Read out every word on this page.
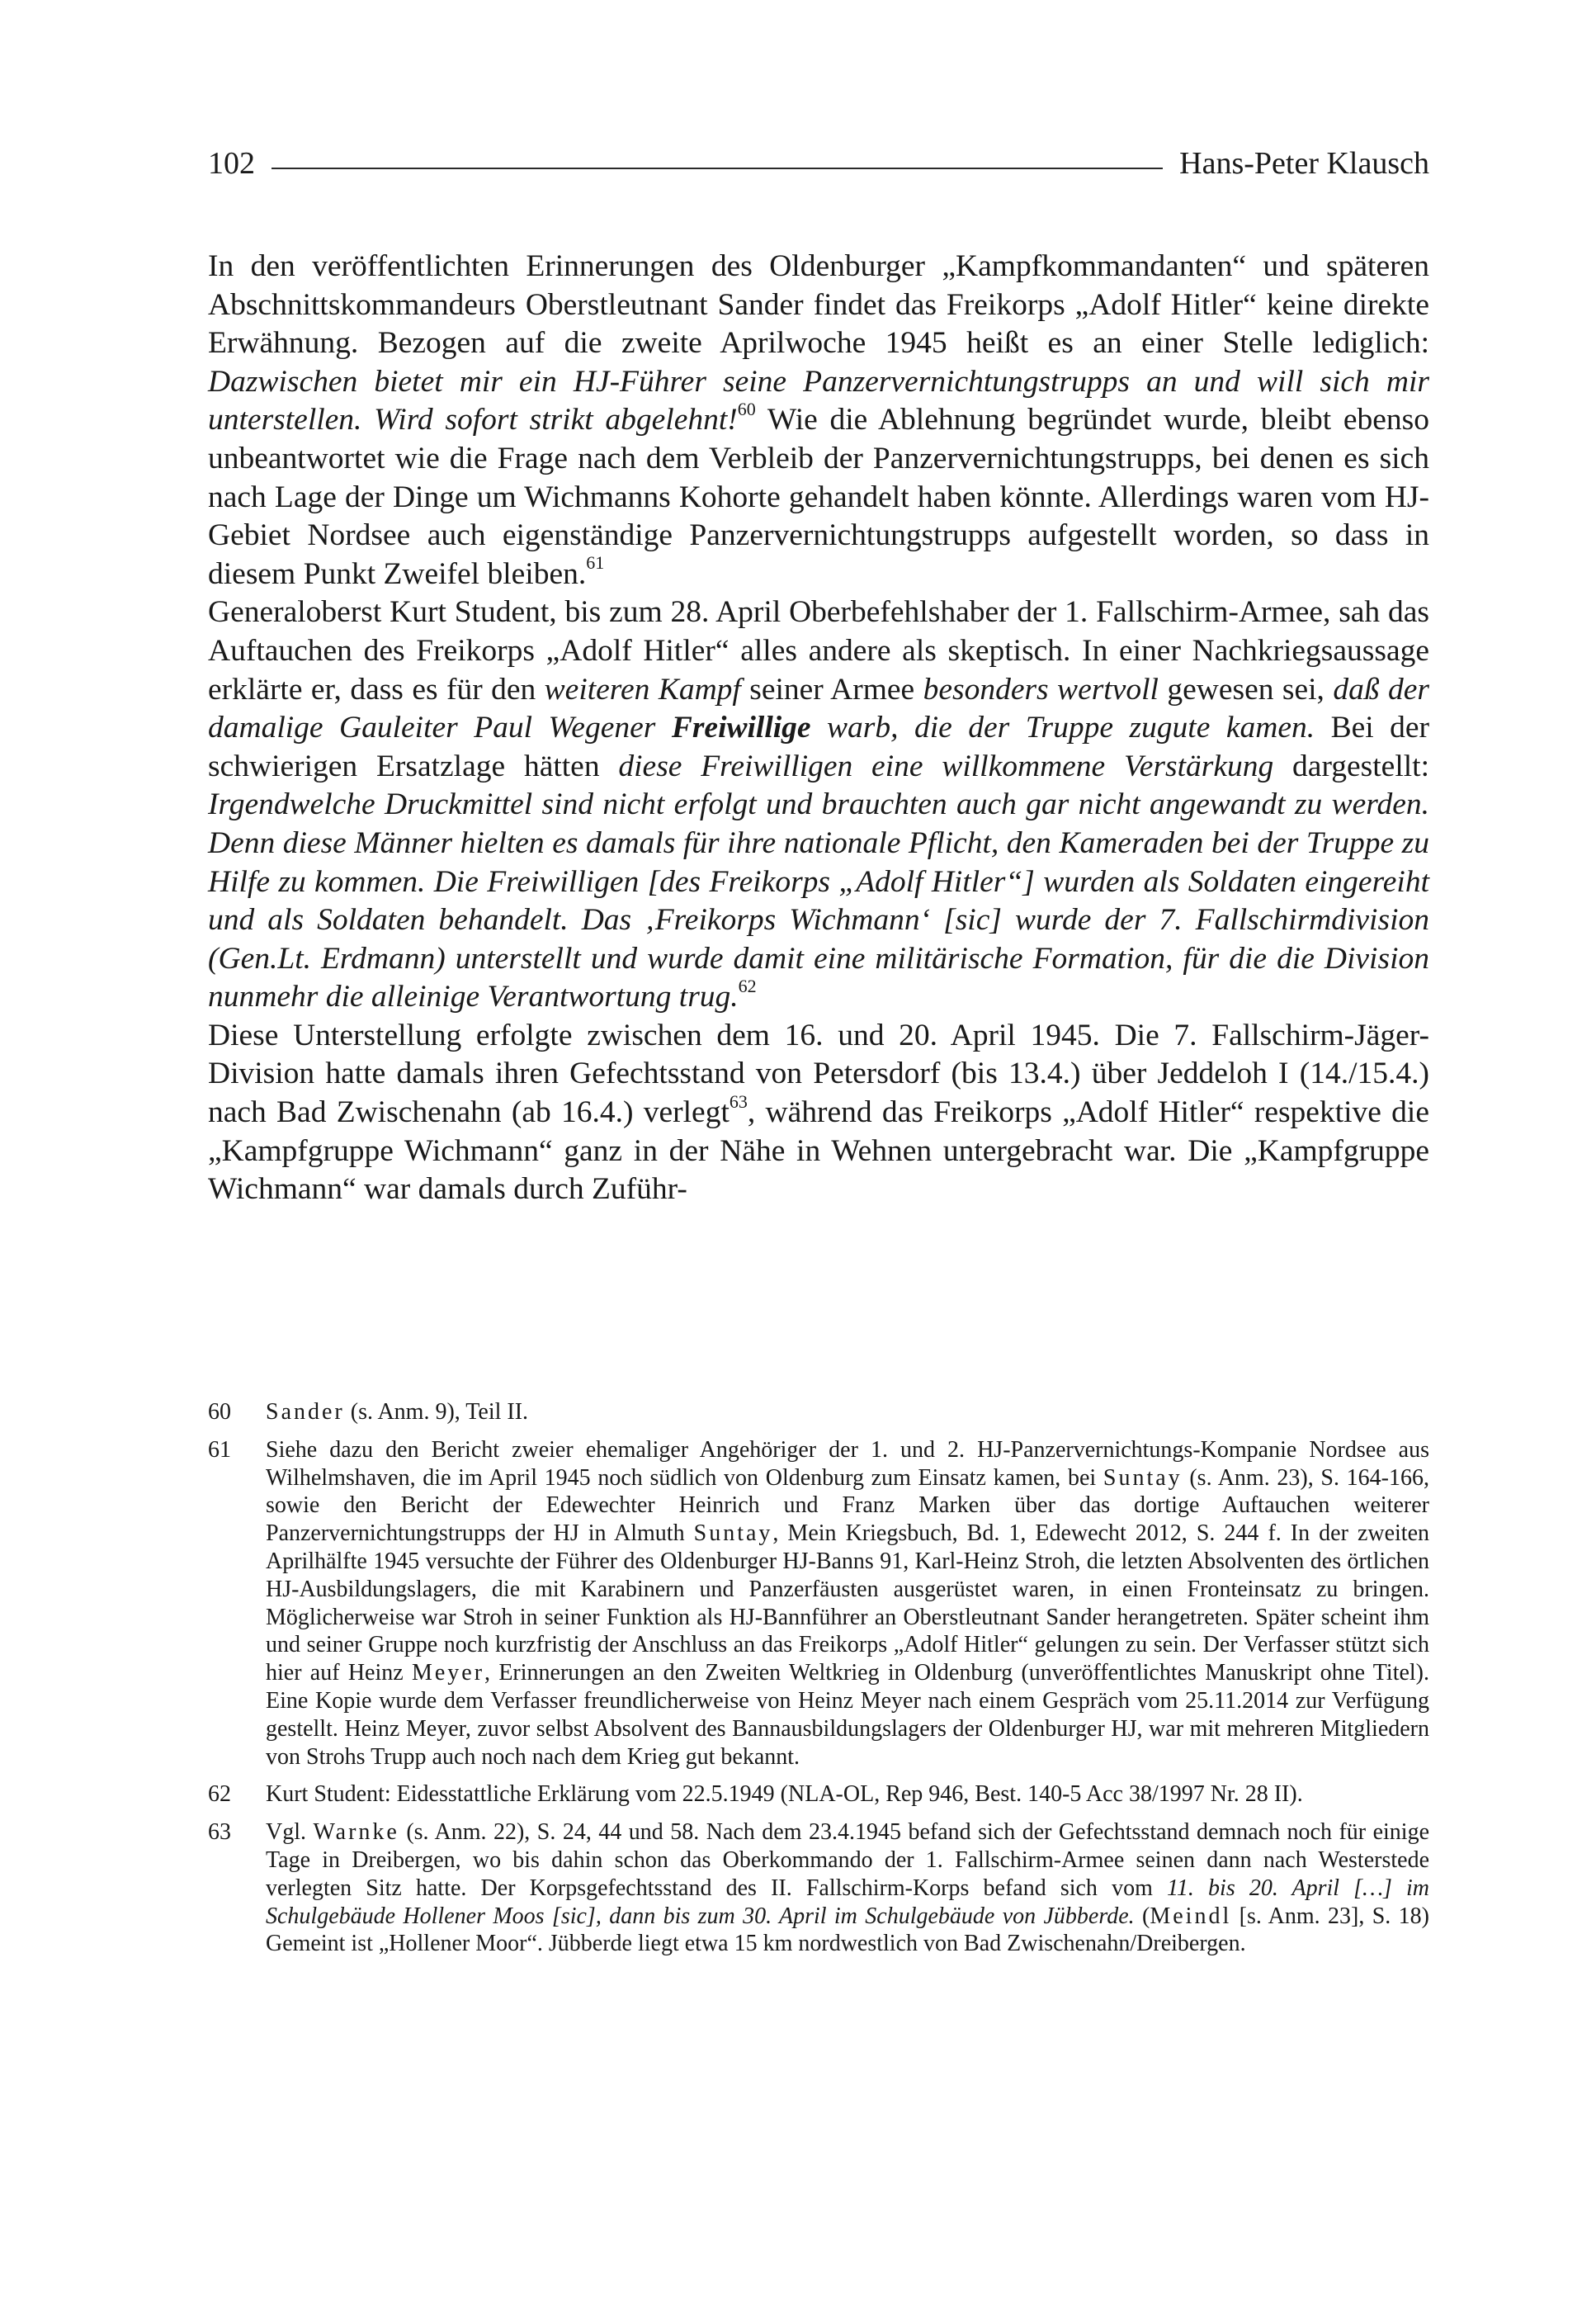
102	Hans-Peter Klausch

In den veröffentlichten Erinnerungen des Oldenburger „Kampfkommandanten“ und späteren Abschnittskommandeurs Oberstleutnant Sander findet das Freikorps „Adolf Hitler“ keine direkte Erwähnung. Bezogen auf die zweite Aprilwoche 1945 heißt es an einer Stelle lediglich: Dazwischen bietet mir ein HJ-Führer seine Panzervernichtungstrupps an und will sich mir unterstellen. Wird sofort strikt abgelehnt!$^{60}$ Wie die Ablehnung begründet wurde, bleibt ebenso unbeantwortet wie die Frage nach dem Verbleib der Panzervernichtungstrupps, bei denen es sich nach Lage der Dinge um Wichmanns Kohorte gehandelt haben könnte. Allerdings waren vom HJ-Gebiet Nordsee auch eigenständige Panzervernichtungstrupps aufgestellt worden, so dass in diesem Punkt Zweifel bleiben.$^{61}$

Generaloberst Kurt Student, bis zum 28. April Oberbefehlshaber der 1. Fallschirm-Armee, sah das Auftauchen des Freikorps „Adolf Hitler“ alles andere als skeptisch. In einer Nachkriegsaussage erklärte er, dass es für den weiteren Kampf seiner Armee besonders wertvoll gewesen sei, daß der damalige Gauleiter Paul Wegener Freiwillige warb, die der Truppe zugute kamen. Bei der schwierigen Ersatzlage hätten diese Freiwilligen eine willkommene Verstärkung dargestellt: Irgendwelche Druckmittel sind nicht erfolgt und brauchten auch gar nicht angewandt zu werden. Denn diese Männer hielten es damals für ihre nationale Pflicht, den Kameraden bei der Truppe zu Hilfe zu kommen. Die Freiwilligen [des Freikorps „Adolf Hitler“] wurden als Soldaten eingereiht und als Soldaten behandelt. Das ‚Freikorps Wichmann‘ [sic] wurde der 7. Fallschirmdivision (Gen.Lt. Erdmann) unterstellt und wurde damit eine militärische Formation, für die die Division nunmehr die alleinige Verantwortung trug.$^{62}$

Diese Unterstellung erfolgte zwischen dem 16. und 20. April 1945. Die 7. Fallschirm-Jäger-Division hatte damals ihren Gefechtsstand von Petersdorf (bis 13.4.) über Jeddeloh I (14./15.4.) nach Bad Zwischenahn (ab 16.4.) verlegt$^{63}$, während das Freikorps „Adolf Hitler“ respektive die „Kampfgruppe Wichmann“ ganz in der Nähe in Wehnen untergebracht war. Die „Kampfgruppe Wichmann“ war damals durch Zuführ-

60	Sander (s. Anm. 9), Teil II.
61	Siehe dazu den Bericht zweier ehemaliger Angehöriger der 1. und 2. HJ-Panzervernichtungs-Kompanie Nordsee aus Wilhelmshaven, die im April 1945 noch südlich von Oldenburg zum Einsatz kamen, bei Suntay (s. Anm. 23), S. 164-166, sowie den Bericht der Edewechter Heinrich und Franz Marken über das dortige Auftauchen weiterer Panzervernichtungstrupps der HJ in Almuth Suntay, Mein Kriegsbuch, Bd. 1, Edewecht 2012, S. 244 f. In der zweiten Aprilhälfte 1945 versuchte der Führer des Oldenburger HJ-Banns 91, Karl-Heinz Stroh, die letzten Absolventen des örtlichen HJ-Ausbildungslagers, die mit Karabinern und Panzerfäusten ausgerüstet waren, in einen Fronteinsatz zu bringen. Möglicherweise war Stroh in seiner Funktion als HJ-Bannführer an Oberstleutnant Sander herangetreten. Später scheint ihm und seiner Gruppe noch kurzfristig der Anschluss an das Freikorps „Adolf Hitler“ gelungen zu sein. Der Verfasser stützt sich hier auf Heinz Meyer, Erinnerungen an den Zweiten Weltkrieg in Oldenburg (unveröffentlichtes Manuskript ohne Titel). Eine Kopie wurde dem Verfasser freundlicherweise von Heinz Meyer nach einem Gespräch vom 25.11.2014 zur Verfügung gestellt. Heinz Meyer, zuvor selbst Absolvent des Bannausbildungslagers der Oldenburger HJ, war mit mehreren Mitgliedern von Strohs Trupp auch noch nach dem Krieg gut bekannt.
62	Kurt Student: Eidesstattliche Erklärung vom 22.5.1949 (NLA-OL, Rep 946, Best. 140-5 Acc 38/1997 Nr. 28 II).
63	Vgl. Warnke (s. Anm. 22), S. 24, 44 und 58. Nach dem 23.4.1945 befand sich der Gefechtsstand demnach noch für einige Tage in Dreibergen, wo bis dahin schon das Oberkommando der 1. Fallschirm-Armee seinen dann nach Westerstede verlegten Sitz hatte. Der Korpsgefechtsstand des II. Fallschirm-Korps befand sich vom 11. bis 20. April […] im Schulgebäude Hollener Moos [sic], dann bis zum 30. April im Schulgebäude von Jübberde. (Meindl [s. Anm. 23], S. 18) Gemeint ist „Hollener Moor“. Jübberde liegt etwa 15 km nordwestlich von Bad Zwischenahn/Dreibergen.
